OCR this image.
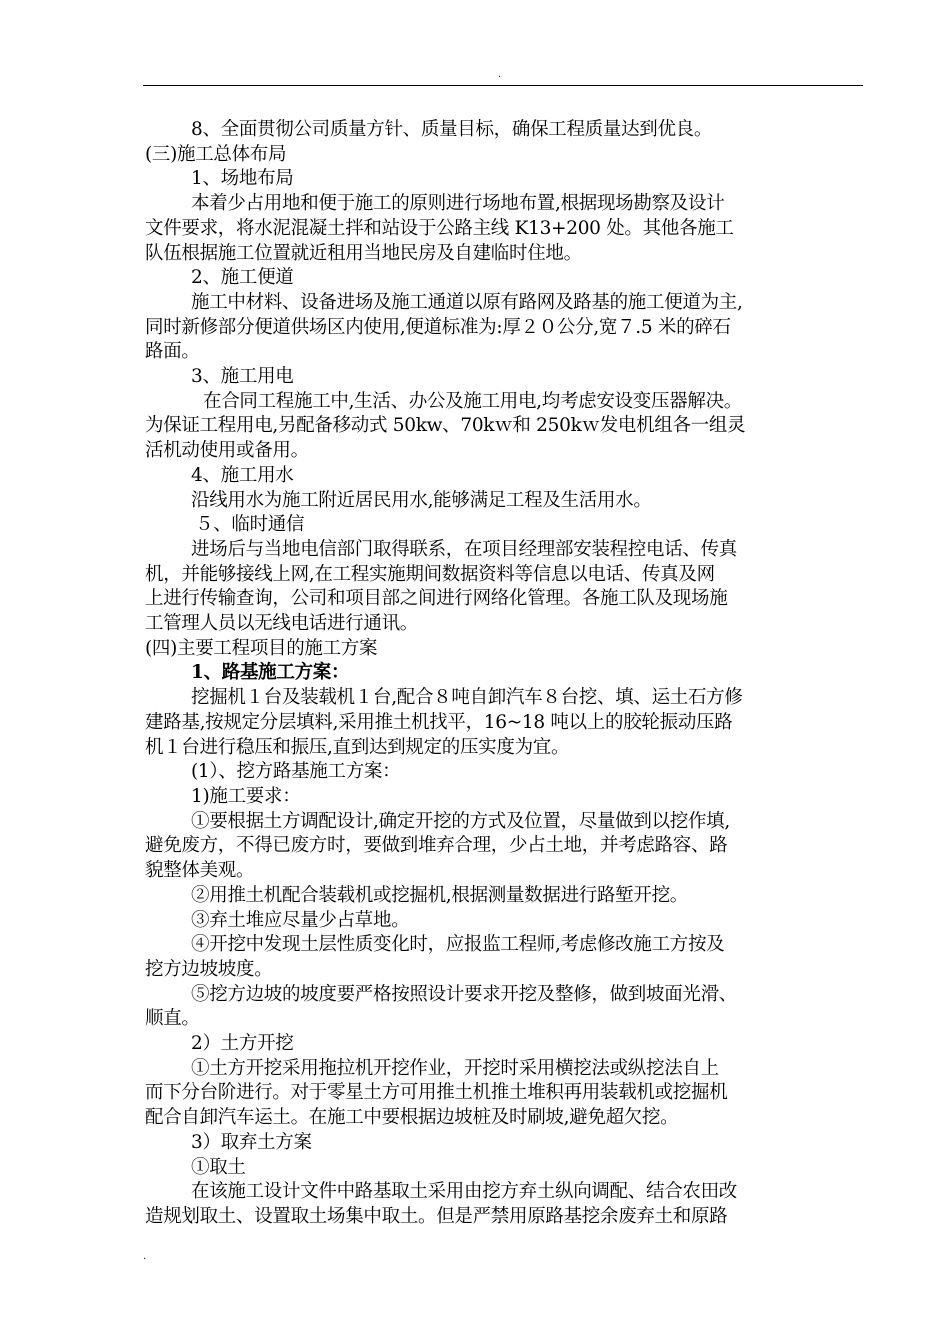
.

8、全面贯彻公司质量方针、质量目标，确保工程质量达到优良。

(三)施工总体布局

1、场地布局

本着少占用地和便于施工的原则进行场地布置,根据现场勘察及设计

文件要求，将水泥混凝土拌和站设于公路主线 K13+200 处。其他各施工

队伍根据施工位置就近租用当地民房及自建临时住地。

2、施工便道

施工中材料、设备进场及施工通道以原有路网及路基的施工便道为主,

同时新修部分便道供场区内使用,便道标准为:厚２０公分,宽７.5 米的碎石

路面。

3、施工用电

在合同工程施工中,生活、办公及施工用电,均考虑安设变压器解决。

为保证工程用电,另配备移动式 50kw、70kｗ和 250kｗ发电机组各一组灵

活机动使用或备用。

4、施工用水

沿线用水为施工附近居民用水,能够满足工程及生活用水。

５、临时通信

进场后与当地电信部门取得联系，在项目经理部安装程控电话、传真

机，并能够接线上网,在工程实施期间数据资料等信息以电话、传真及网

上进行传输查询，公司和项目部之间进行网络化管理。各施工队及现场施

工管理人员以无线电话进行通讯。

(四)主要工程项目的施工方案

1、路基施工方案：

挖掘机１台及装载机１台,配合８吨自卸汽车８台挖、填、运土石方修

建路基,按规定分层填料,采用推土机找平，16~18 吨以上的胶轮振动压路

机１台进行稳压和振压,直到达到规定的压实度为宜。

(1）、挖方路基施工方案：

1)施工要求：

①要根据土方调配设计,确定开挖的方式及位置，尽量做到以挖作填,

避免废方，不得已废方时，要做到堆弃合理，少占土地，并考虑路容、路

貌整体美观。

②用推土机配合装载机或挖掘机,根据测量数据进行路堑开挖。

③弃土堆应尽量少占草地。

④开挖中发现土层性质变化时，应报监工程师,考虑修改施工方按及

挖方边坡坡度。

⑤挖方边坡的坡度要严格按照设计要求开挖及整修，做到坡面光滑、

顺直。

2）土方开挖

①土方开挖采用拖拉机开挖作业，开挖时采用横挖法或纵挖法自上

而下分台阶进行。对于零星土方可用推土机推土堆积再用装载机或挖掘机

配合自卸汽车运土。在施工中要根据边坡桩及时刷坡,避免超欠挖。

3）取弃土方案

①取土

在该施工设计文件中路基取土采用由挖方弃土纵向调配、结合农田改

造规划取土、设置取土场集中取土。但是严禁用原路基挖余废弃土和原路

.
